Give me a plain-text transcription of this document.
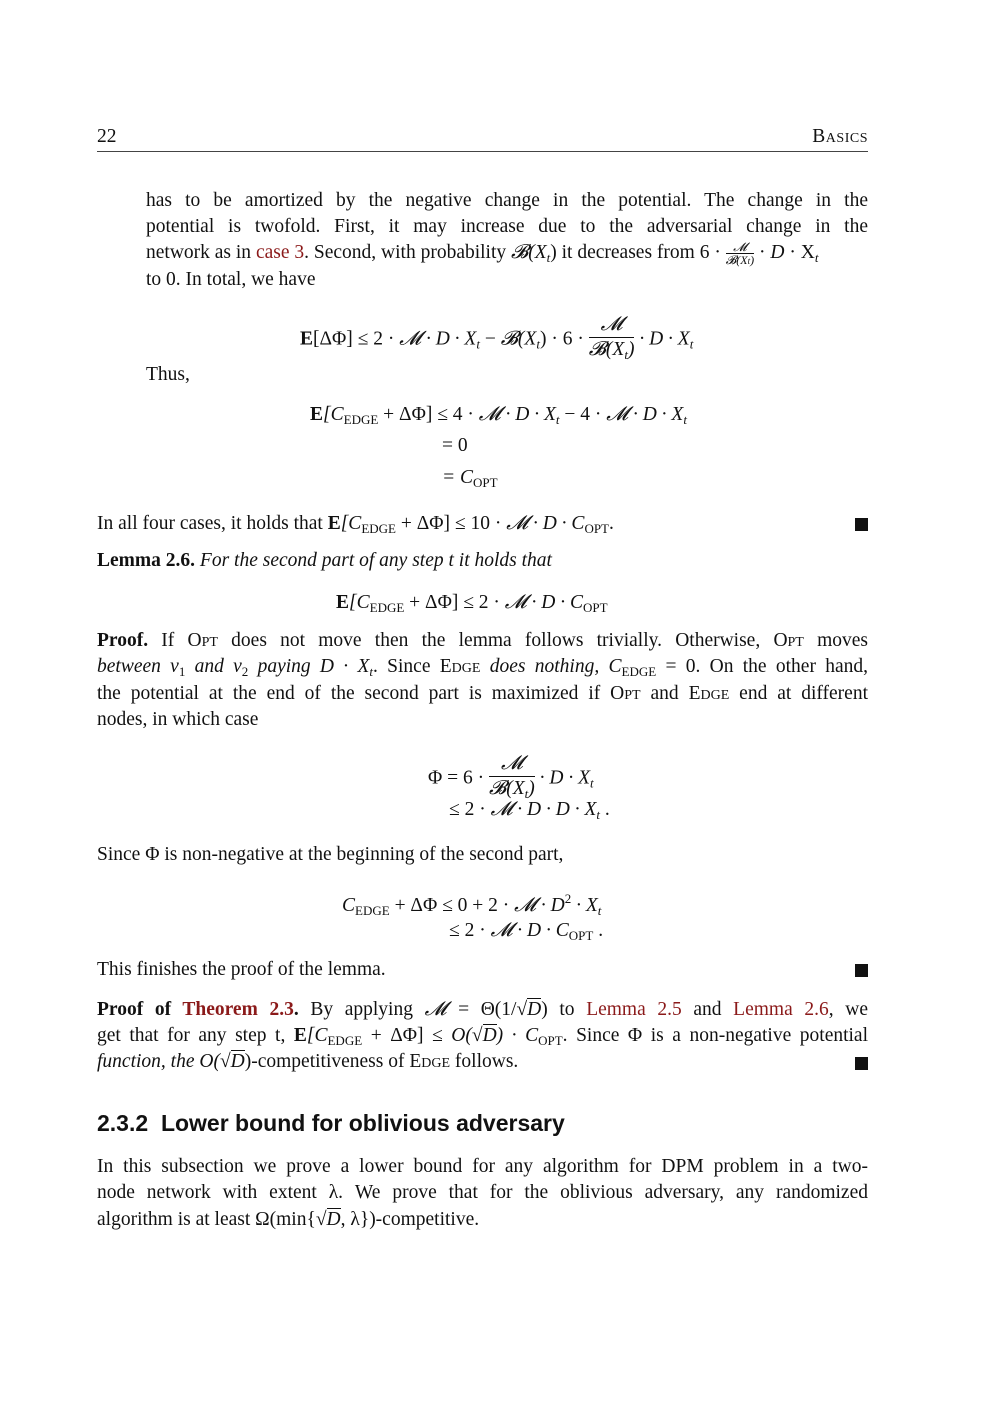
22	Basics
has to be amortized by the negative change in the potential. The change in the
potential is twofold. First, it may increase due to the adversarial change in the
network as in case 3. Second, with probability $𝓑(X_t)$ it decreases from 6 ·	𝓜
𝓑(Xt) · $D \cdot X_t$
to 0. In total, we have
E[ΔΦ] ≤ 2 · 𝓜 · $D \cdot X_t$ − $𝓑(X_t) \cdot 6 \cdot \frac{\text{𝓜}}{𝓑(X_t)} \cdot D \cdot X_t$
Thus,
$E[C_{EDGE} + \Delta\Phi] \le 4$ · 𝓜 · $D \cdot X_t - 4$ · 𝓜 · $D \cdot X_t$
= 0
= $C_{OPT}$
In all four cases, it holds that $E[C_{EDGE} + \Delta\Phi] \le 10$ · 𝓜 · $D \cdot C_{OPT}$.
Lemma 2.6. For the second part of any step t it holds that
$E[C_{EDGE} + \Delta\Phi] \le 2$ · 𝓜 · $D \cdot C_{OPT}$
Proof. If Opt does not move then the lemma follows trivially. Otherwise, Opt moves
between $v_1$ and $v_2$ paying $D \cdot X_t$. Since Edge does nothing, $C_{EDGE} = 0$. On the other hand,
the potential at the end of the second part is maximized if Opt and Edge end at different
nodes, in which case
$\Phi = 6 \cdot \frac{\text{𝓜}}{𝓑(X_t)} \cdot D \cdot X_t$
≤ 2 · 𝓜 · $D \cdot D \cdot X_t$ .
Since Φ is non-negative at the beginning of the second part,
$C_{EDGE} + \Delta\Phi \le 0 + 2$ · 𝓜 · $D^2 \cdot X_t$
≤ 2 · 𝓜 · $D \cdot C_{OPT}$ .
This finishes the proof of the lemma.
Proof of Theorem 2.3. By applying 𝓜 = Θ(1/√D) to Lemma 2.5 and Lemma 2.6, we
get that for any step t, $E[C_{EDGE} + \Delta\Phi] \le O(√D) \cdot C_{OPT}$. Since Φ is a non-negative potential
function, the O(√D)-competitiveness of Edge follows.
2.3.2 Lower bound for oblivious adversary
In this subsection we prove a lower bound for any algorithm for DPM problem in a two-
node network with extent λ. We prove that for the oblivious adversary, any randomized
algorithm is at least Ω(min{√D, λ})-competitive.
